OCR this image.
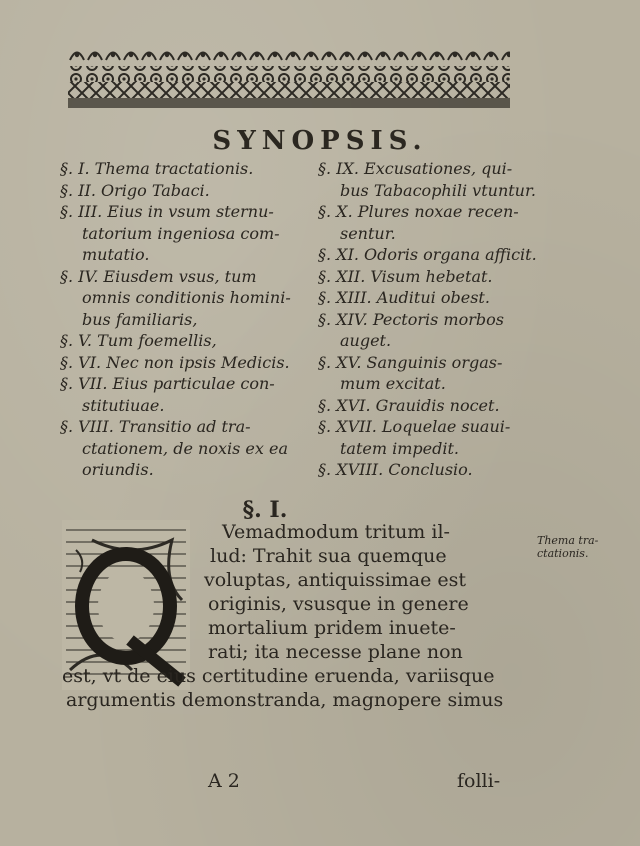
SYNOPSIS.
§. I. Thema tractationis.
§. II. Origo Tabaci.
§. III. Eius in vsum sternu-
tatorium ingeniosa com-
mutatio.
§. IV. Eiusdem vsus, tum
omnis conditionis homini-
bus familiaris,
§. V. Tum foemellis,
§. VI. Nec non ipsis Medicis.
§. VII. Eius particulae con-
stitutiuae.
§. VIII. Transitio ad tra-
ctationem, de noxis ex ea
oriundis.
§. IX. Excusationes, qui-
bus Tabacophili vtuntur.
§. X. Plures noxae recen-
sentur.
§. XI. Odoris organa afficit.
§. XII. Visum hebetat.
§. XIII. Auditui obest.
§. XIV. Pectoris morbos
auget.
§. XV. Sanguinis orgas-
mum excitat.
§. XVI. Grauidis nocet.
§. XVII. Loquelae suaui-
tatem impedit.
§. XVIII. Conclusio.
§. I.
Vemadmodum tritum il-
lud: Trahit sua quemque
voluptas, antiquissimae est
originis, vsusque in genere
mortalium pridem inuete-
rati; ita necesse plane non
est, vt de eius certitudine eruenda, variisque
argumentis demonstranda, magnopere simus
Thema tra-ctationis.
A 2	folli-
